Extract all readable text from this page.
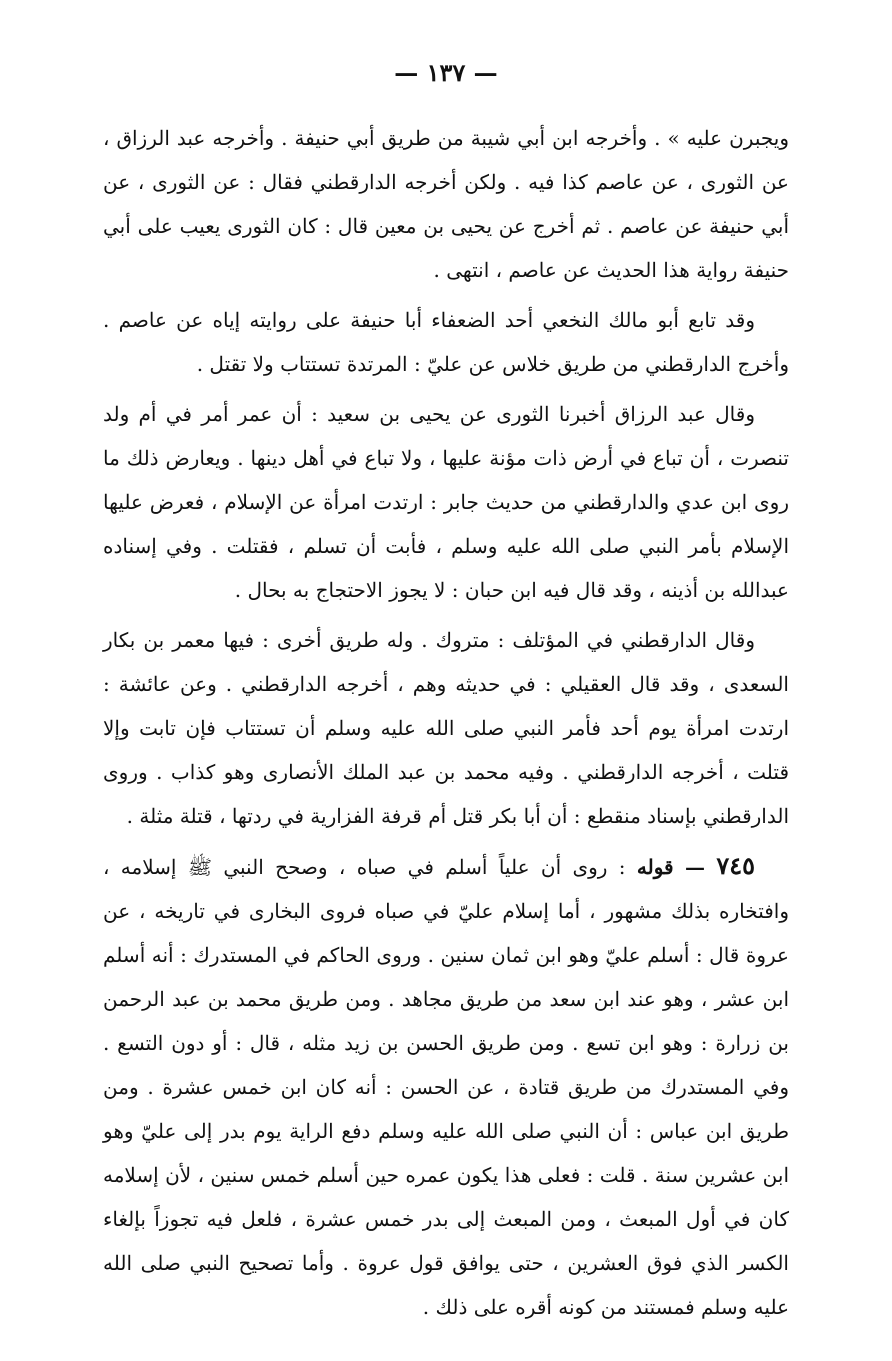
— ١٣٧ —

ويجبرن عليه » . وأخرجه ابن أبي شيبة من طريق أبي حنيفة . وأخرجه عبد الرزاق ، عن الثورى ، عن عاصم كذا فيه . ولكن أخرجه الدارقطني فقال : عن الثورى ، عن أبي حنيفة عن عاصم . ثم أخرج عن يحيى بن معين قال : كان الثورى يعيب على أبي حنيفة رواية هذا الحديث عن عاصم ، انتهى .

وقد تابع أبو مالك النخعي أحد الضعفاء أبا حنيفة على روايته إياه عن عاصم . وأخرج الدارقطني من طريق خلاس عن عليّ : المرتدة تستتاب ولا تقتل .

وقال عبد الرزاق أخبرنا الثورى عن يحيى بن سعيد : أن عمر أمر في أم ولد تنصرت ، أن تباع في أرض ذات مؤنة عليها ، ولا تباع في أهل دينها . ويعارض ذلك ما روى ابن عدي والدارقطني من حديث جابر : ارتدت امرأة عن الإسلام ، فعرض عليها الإسلام بأمر النبي صلى الله عليه وسلم ، فأبت أن تسلم ، فقتلت . وفي إسناده عبدالله بن أذينه ، وقد قال فيه ابن حبان : لا يجوز الاحتجاج به بحال .

وقال الدارقطني في المؤتلف : متروك . وله طريق أخرى : فيها معمر بن بكار السعدى ، وقد قال العقيلي : في حديثه وهم ، أخرجه الدارقطني . وعن عائشة : ارتدت امرأة يوم أحد فأمر النبي صلى الله عليه وسلم أن تستتاب فإن تابت وإلا قتلت ، أخرجه الدارقطني . وفيه محمد بن عبد الملك الأنصارى وهو كذاب . وروى الدارقطني بإسناد منقطع : أن أبا بكر قتل أم قرفة الفزارية في ردتها ، قتلة مثلة .

٧٤٥ — قوله : روى أن علياً أسلم في صباه ، وصحح النبي ﷺ إسلامه ، وافتخاره بذلك مشهور ، أما إسلام عليّ في صباه فروى البخارى في تاريخه ، عن عروة قال : أسلم عليّ وهو ابن ثمان سنين . وروى الحاكم في المستدرك : أنه أسلم ابن عشر ، وهو عند ابن سعد من طريق مجاهد . ومن طريق محمد بن عبد الرحمن بن زرارة : وهو ابن تسع . ومن طريق الحسن بن زيد مثله ، قال : أو دون التسع . وفي المستدرك من طريق قتادة ، عن الحسن : أنه كان ابن خمس عشرة . ومن طريق ابن عباس : أن النبي صلى الله عليه وسلم دفع الراية يوم بدر إلى عليّ وهو ابن عشرين سنة . قلت : فعلى هذا يكون عمره حين أسلم خمس سنين ، لأن إسلامه كان في أول المبعث ، ومن المبعث إلى بدر خمس عشرة ، فلعل فيه تجوزاً بإلغاء الكسر الذي فوق العشرين ، حتى يوافق قول عروة . وأما تصحيح النبي صلى الله عليه وسلم فمستند من كونه أقره على ذلك .
